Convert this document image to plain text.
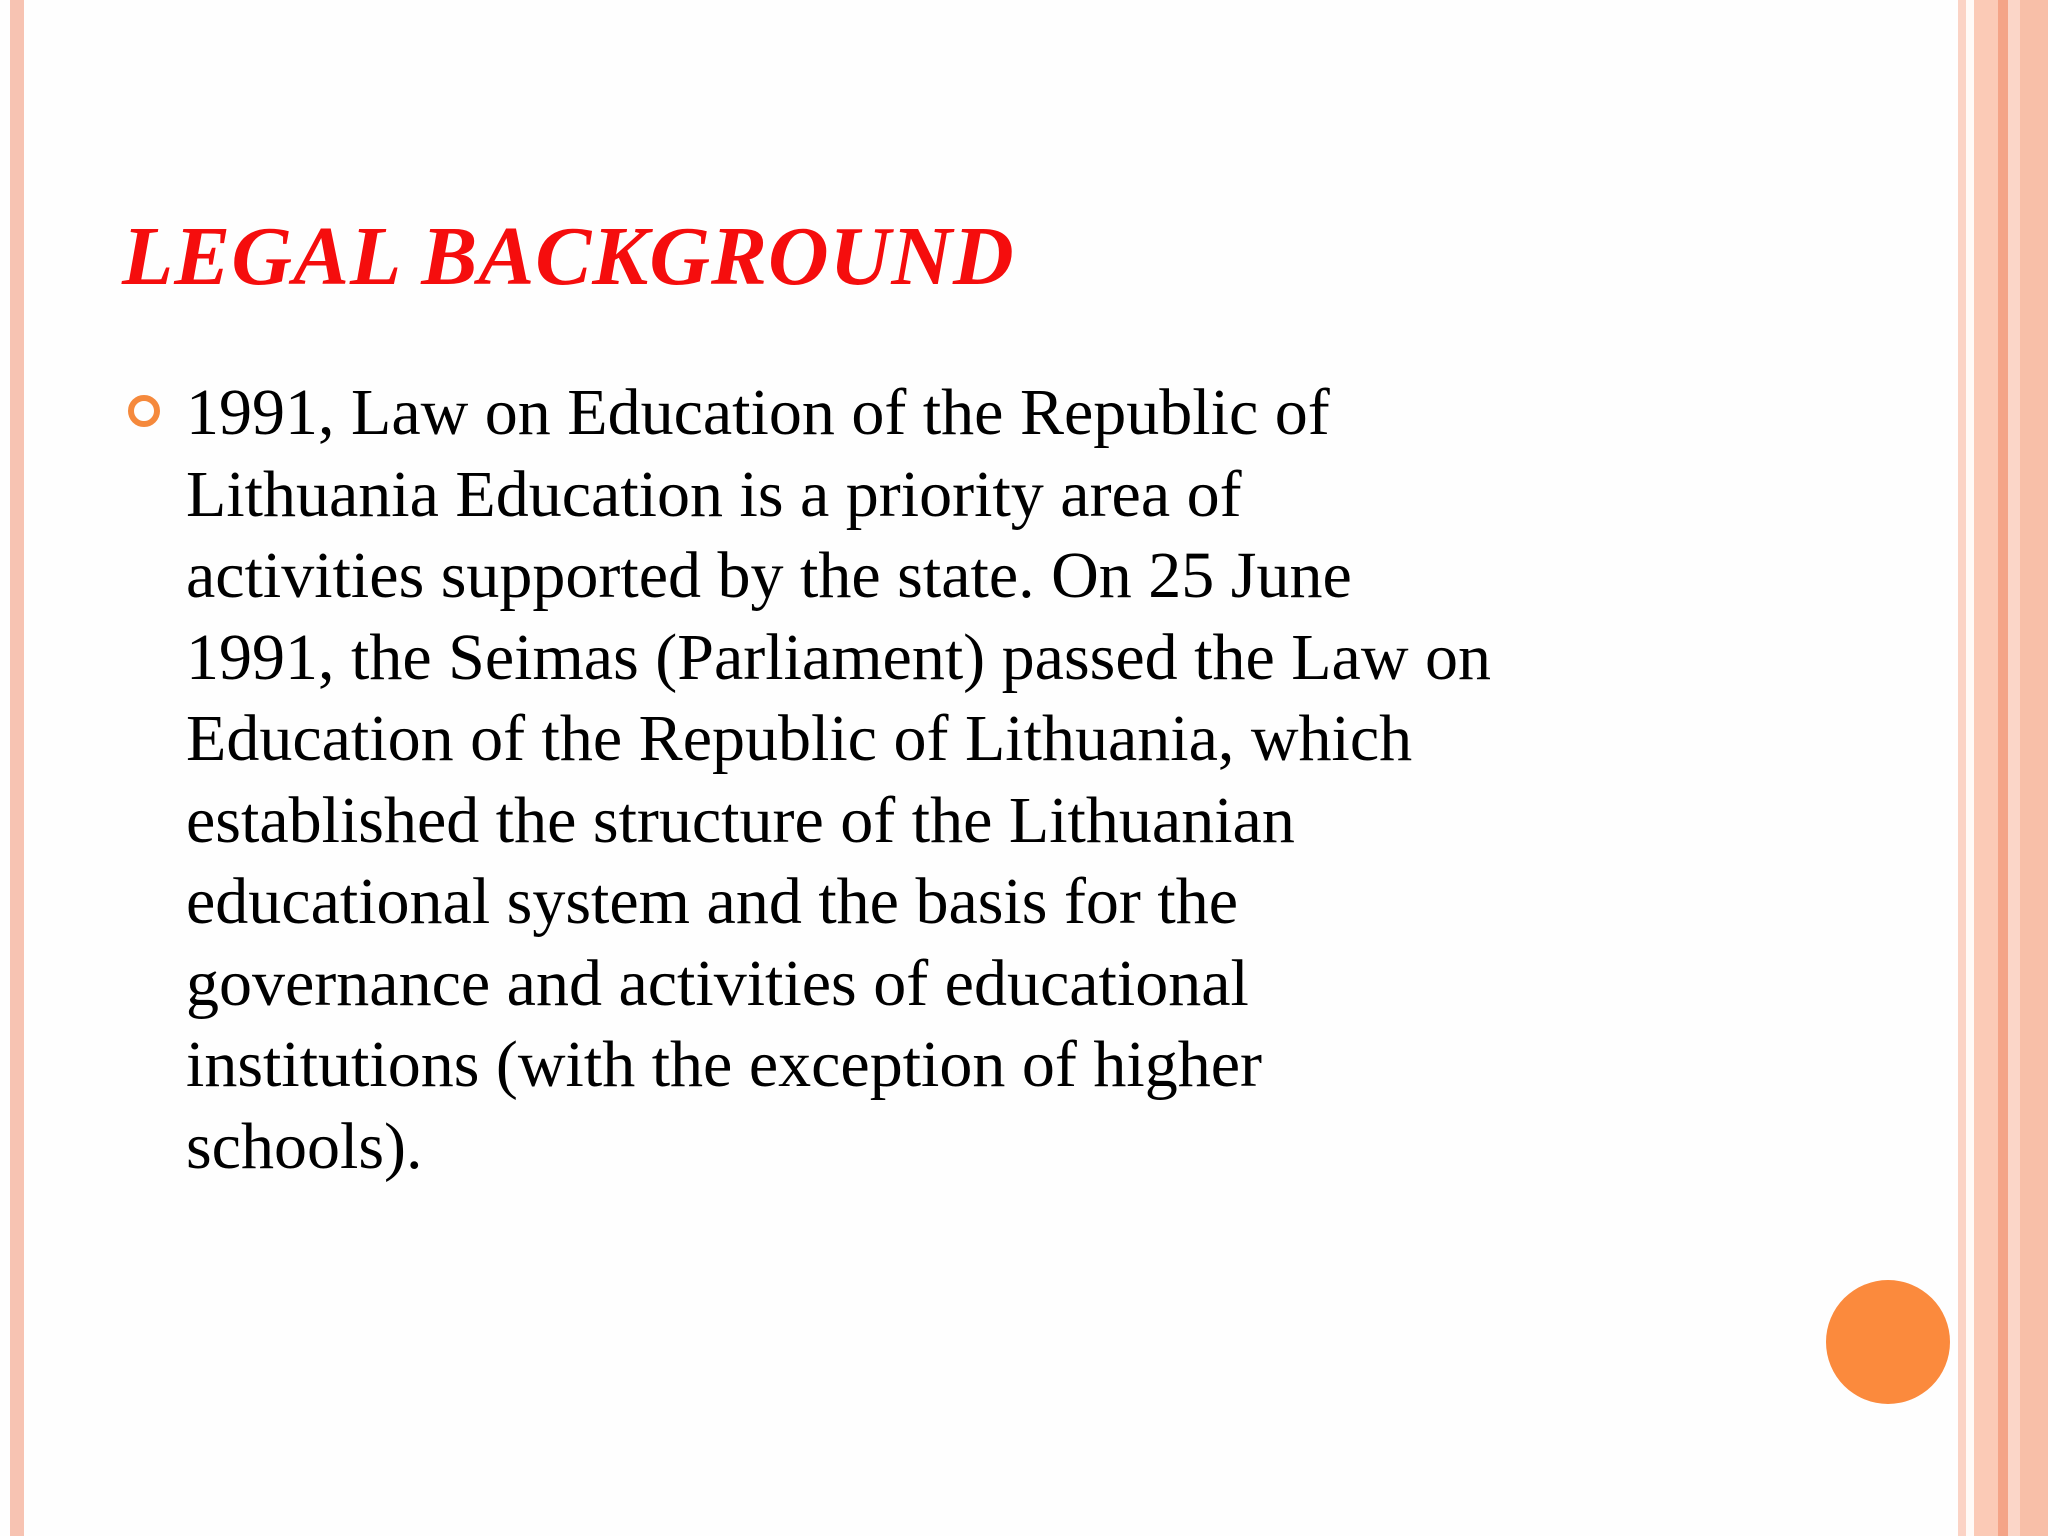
LEGAL BACKGROUND
1991, Law on Education of the Republic of
Lithuania Education is a priority area of
activities supported by the state. On 25 June
1991, the Seimas (Parliament) passed the Law on
Education of the Republic of Lithuania, which
established the structure of the Lithuanian
educational system and the basis for the
governance and activities of educational
institutions (with the exception of higher
schools).
